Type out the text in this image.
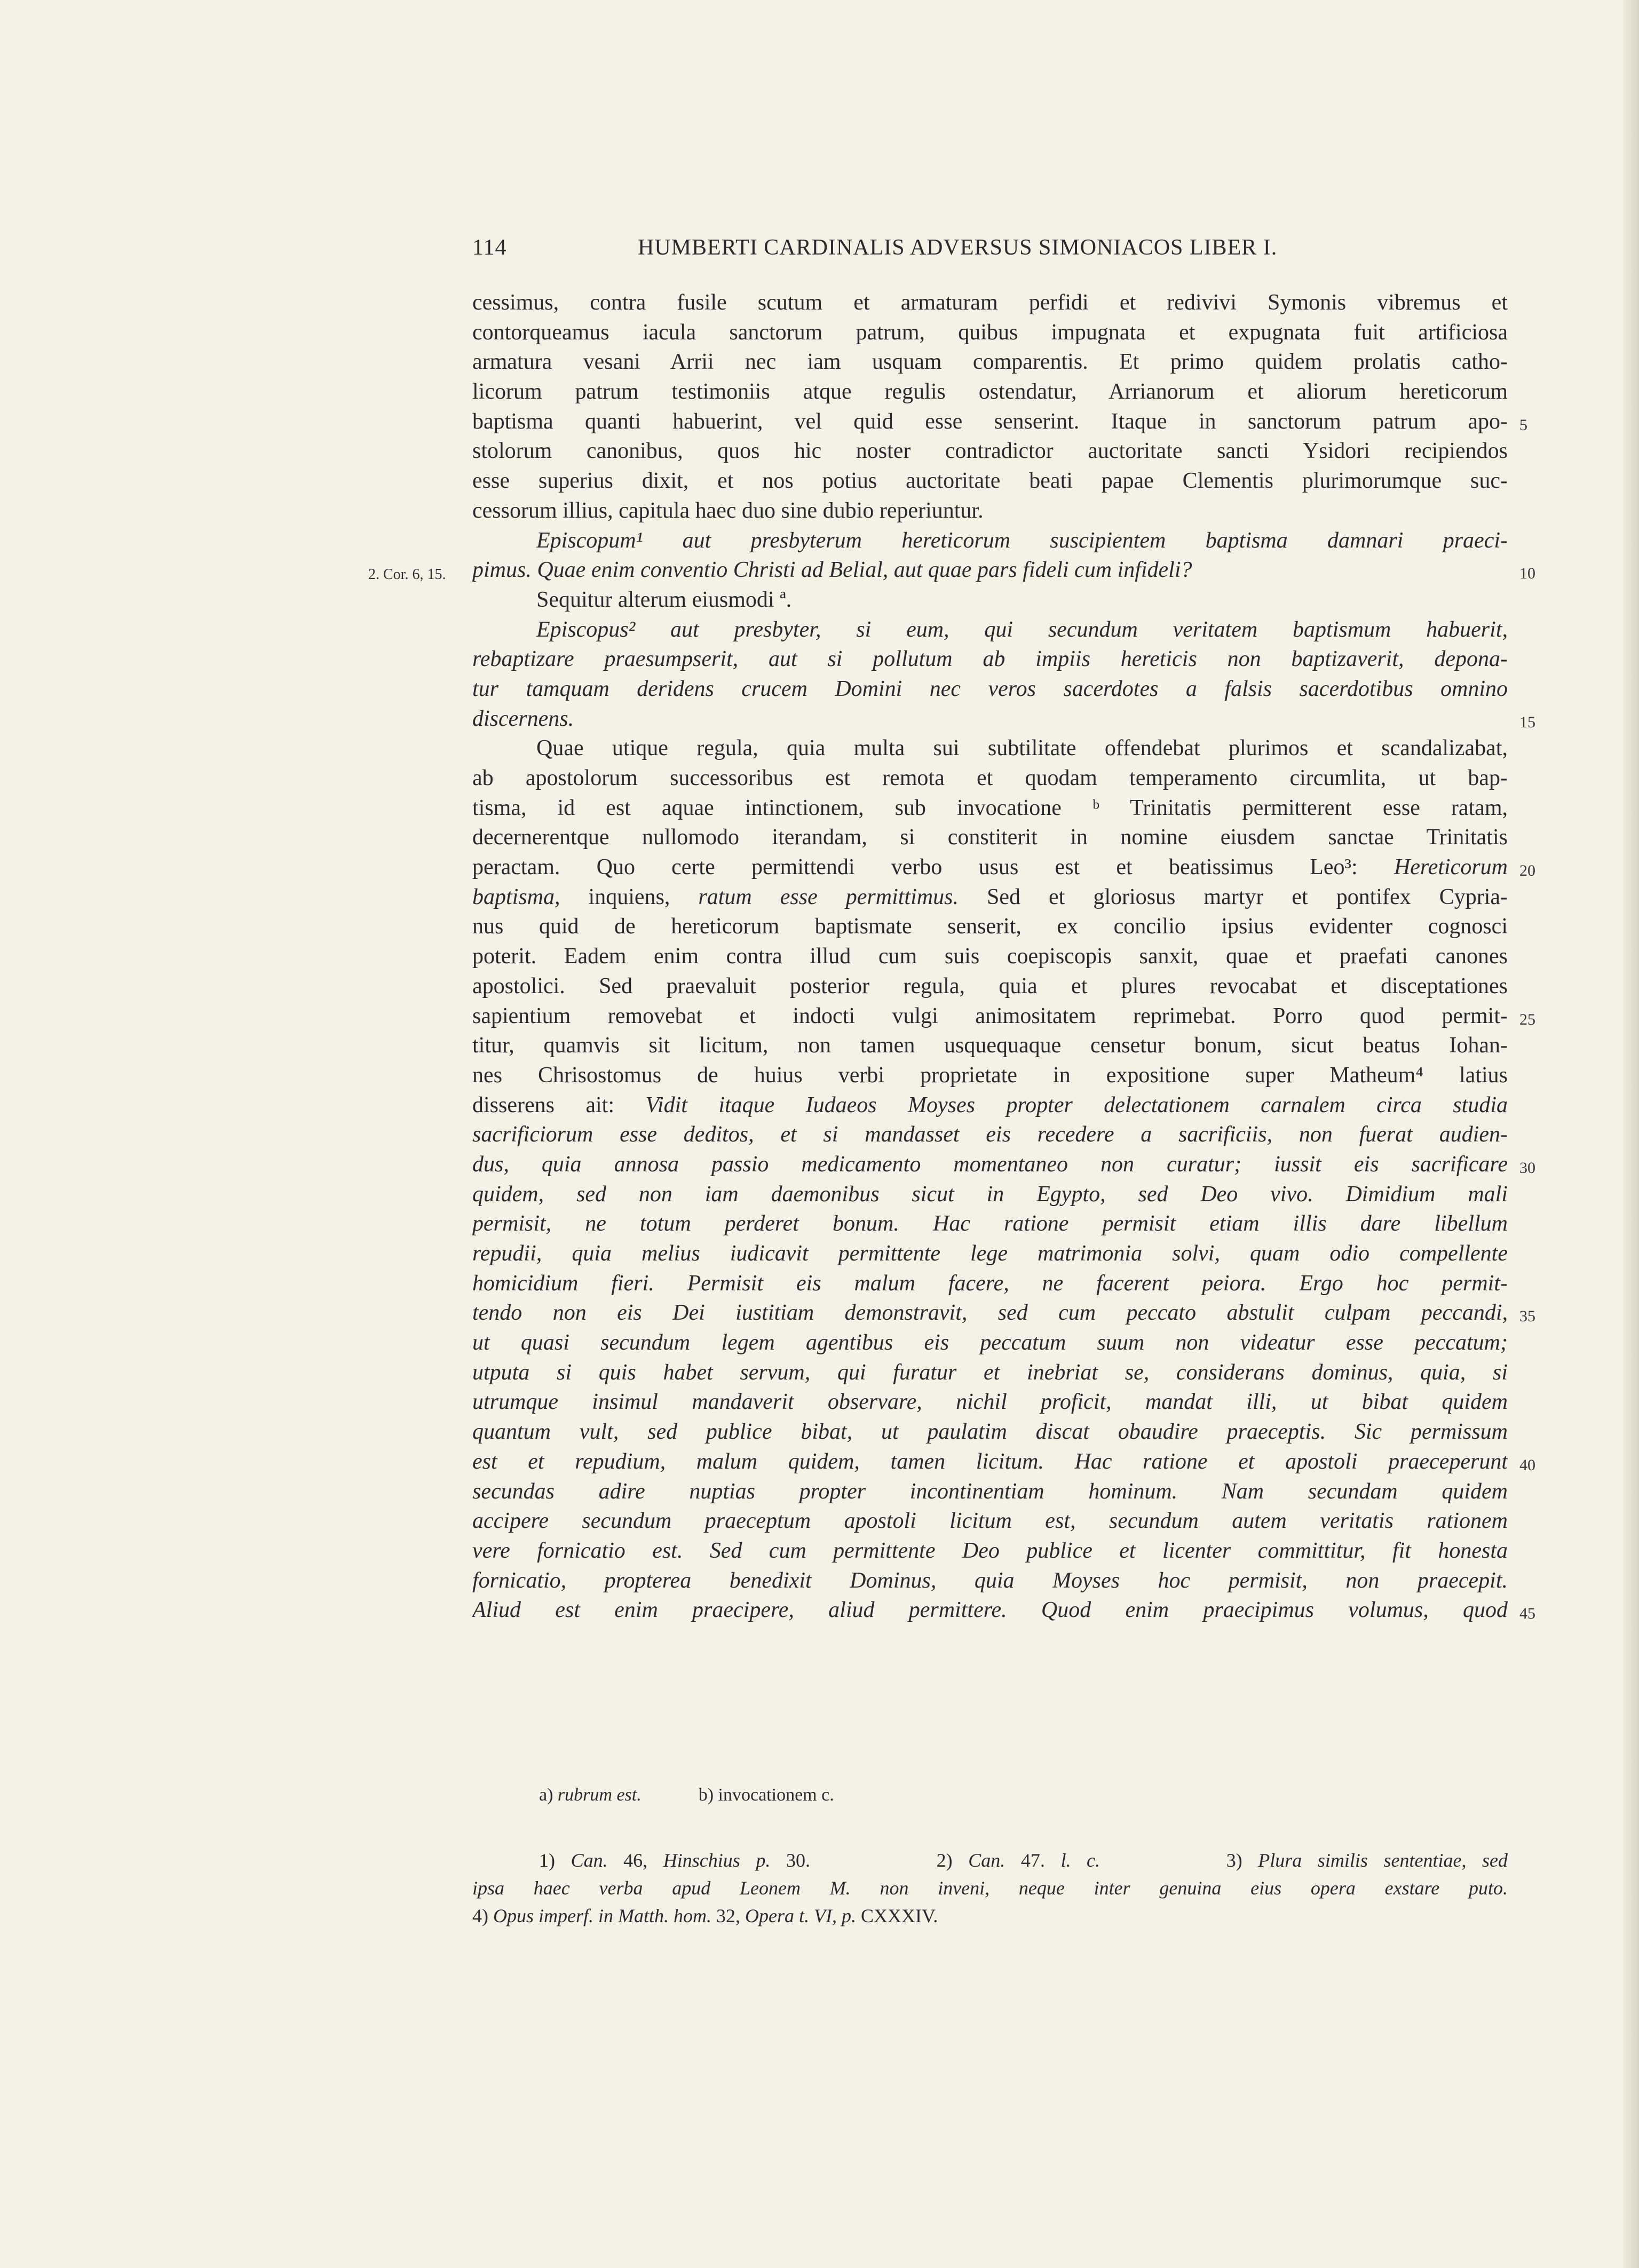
114	HUMBERTI CARDINALIS ADVERSUS SIMONIACOS LIBER I.
cessimus, contra fusile scutum et armaturam perfidi et redivivi Symonis vibremus et
contorqueamus iacula sanctorum patrum, quibus impugnata et expugnata fuit artificiosa
armatura vesani Arrii nec iam usquam comparentis. Et primo quidem prolatis catho-
licorum patrum testimoniis atque regulis ostendatur, Arrianorum et aliorum hereticorum
baptisma quanti habuerint, vel quid esse senserint. Itaque in sanctorum patrum apo- 5
stolorum canonibus, quos hic noster contradictor auctoritate sancti Ysidori recipiendos
esse superius dixit, et nos potius auctoritate beati papae Clementis plurimorumque suc-
cessorum illius, capitula haec duo sine dubio reperiuntur.
Episcopum¹ aut presbyterum hereticorum suscipientem baptisma damnari praeci-
pimus. Quae enim conventio Christi ad Belial, aut quae pars fideli cum infideli?	10
2. Cor. 6, 15.
Sequitur alterum eiusmodi ª.
Episcopus² aut presbyter, si eum, qui secundum veritatem baptismum habuerit,
rebaptizare praesumpserit, aut si pollutum ab impiis hereticis non baptizaverit, depona-
tur tamquam deridens crucem Domini nec veros sacerdotes a falsis sacerdotibus omnino
discernens.	15
Quae utique regula, quia multa sui subtilitate offendebat plurimos et scandalizabat,
ab apostolorum successoribus est remota et quodam temperamento circumlita, ut bap-
tisma, id est aquae intinctionem, sub invocatione ᵇ Trinitatis permitterent esse ratam,
decernerentque nullomodo iterandam, si constiterit in nomine eiusdem sanctae Trinitatis
peractam. Quo certe permittendi verbo usus est et beatissimus Leo³: Hereticorum 20
baptisma, inquiens, ratum esse permittimus. Sed et gloriosus martyr et pontifex Cypria-
nus quid de hereticorum baptismate senserit, ex concilio ipsius evidenter cognosci
poterit. Eadem enim contra illud cum suis coepiscopis sanxit, quae et praefati canones
apostolici. Sed praevaluit posterior regula, quia et plures revocabat et disceptationes
sapientium removebat et indocti vulgi animositatem reprimebat. Porro quod permit- 25
titur, quamvis sit licitum, non tamen usquequaque censetur bonum, sicut beatus Iohan-
nes Chrisostomus de huius verbi proprietate in expositione super Matheum⁴ latius
disserens ait: Vidit itaque Iudaeos Moyses propter delectationem carnalem circa studia
sacrificiorum esse deditos, et si mandasset eis recedere a sacrificiis, non fuerat audien-
dus, quia annosa passio medicamento momentaneo non curatur; iussit eis sacrificare 30
quidem, sed non iam daemonibus sicut in Egypto, sed Deo vivo. Dimidium mali
permisit, ne totum perderet bonum. Hac ratione permisit etiam illis dare libellum
repudii, quia melius iudicavit permittente lege matrimonia solvi, quam odio compellente
homicidium fieri. Permisit eis malum facere, ne facerent peiora. Ergo hoc permit-
tendo non eis Dei iustitiam demonstravit, sed cum peccato abstulit culpam peccandi, 35
ut quasi secundum legem agentibus eis peccatum suum non videatur esse peccatum;
utputa si quis habet servum, qui furatur et inebriat se, considerans dominus, quia, si
utrumque insimul mandaverit observare, nichil proficit, mandat illi, ut bibat quidem
quantum vult, sed publice bibat, ut paulatim discat obaudire praeceptis. Sic permissum
est et repudium, malum quidem, tamen licitum. Hac ratione et apostoli praeceperunt 40
secundas adire nuptias propter incontinentiam hominum. Nam secundam quidem
accipere secundum praeceptum apostoli licitum est, secundum autem veritatis rationem
vere fornicatio est. Sed cum permittente Deo publice et licenter committitur, fit honesta
fornicatio, propterea benedixit Dominus, quia Moyses hoc permisit, non praecepit.
Aliud est enim praecipere, aliud permittere. Quod enim praecipimus volumus, quod 45
a) rubrum est.	b) invocationem c.
1) Can. 46, Hinschius p. 30.        2) Can. 47. l. c.        3) Plura similis sententiae, sed
ipsa haec verba apud Leonem M. non inveni, neque inter genuina eius opera exstare puto.
4) Opus imperf. in Matth. hom. 32, Opera t. VI, p. CXXXIV.
